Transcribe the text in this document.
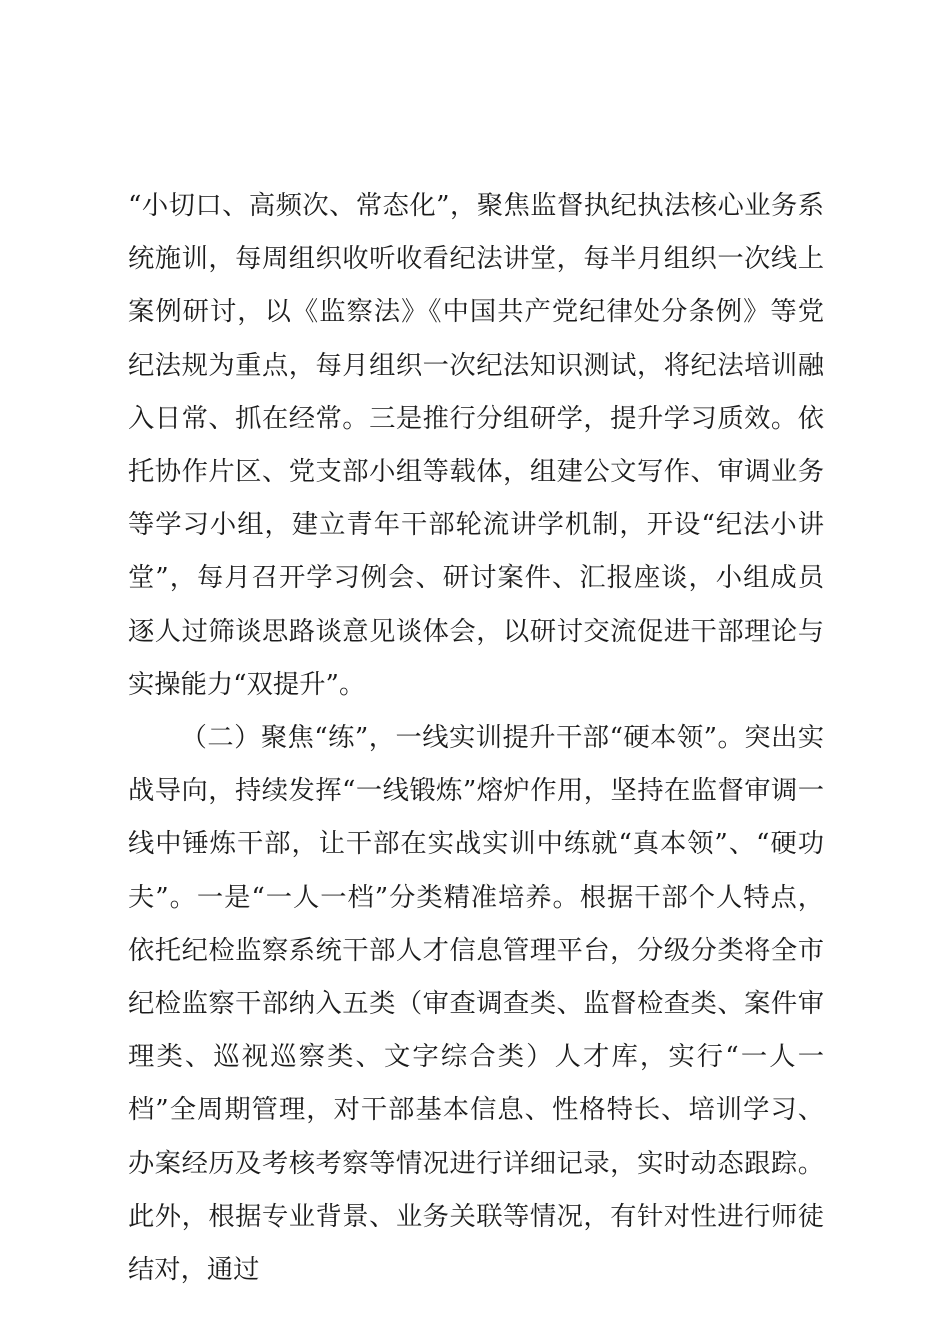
“小切口、高频次、常态化”，聚焦监督执纪执法核心业务系统施训，每周组织收听收看纪法讲堂，每半月组织一次线上案例研讨，以《监察法》《中国共产党纪律处分条例》等党纪法规为重点，每月组织一次纪法知识测试，将纪法培训融入日常、抓在经常。三是推行分组研学，提升学习质效。依托协作片区、党支部小组等载体，组建公文写作、审调业务等学习小组，建立青年干部轮流讲学机制，开设“纪法小讲堂”，每月召开学习例会、研讨案件、汇报座谈，小组成员逐人过筛谈思路谈意见谈体会，以研讨交流促进干部理论与实操能力“双提升”。

（二）聚焦“练”，一线实训提升干部“硬本领”。突出实战导向，持续发挥“一线锻炼”熔炉作用，坚持在监督审调一线中锤炼干部，让干部在实战实训中练就“真本领”、“硬功夫”。一是“一人一档”分类精准培养。根据干部个人特点，依托纪检监察系统干部人才信息管理平台，分级分类将全市纪检监察干部纳入五类（审查调查类、监督检查类、案件审理类、巡视巡察类、文字综合类）人才库，实行“一人一档”全周期管理，对干部基本信息、性格特长、培训学习、办案经历及考核考察等情况进行详细记录，实时动态跟踪。此外，根据专业背景、业务关联等情况，有针对性进行师徒结对，通过
